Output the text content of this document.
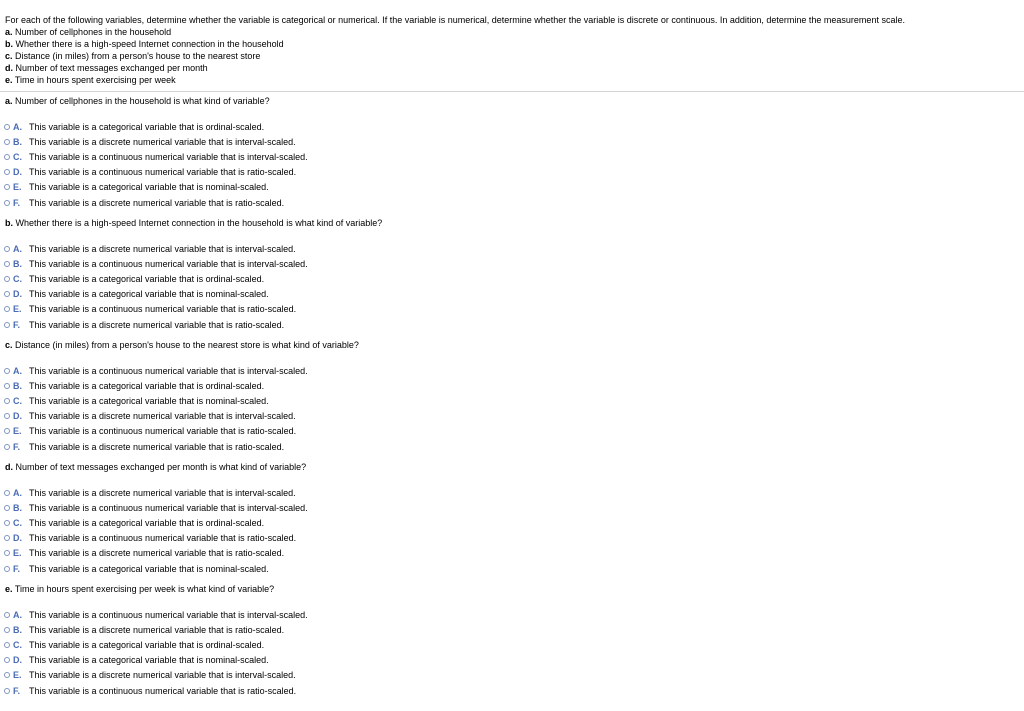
For each of the following variables, determine whether the variable is categorical or numerical. If the variable is numerical, determine whether the variable is discrete or continuous. In addition, determine the measurement scale.
a. Number of cellphones in the household
b. Whether there is a high-speed Internet connection in the household
c. Distance (in miles) from a person's house to the nearest store
d. Number of text messages exchanged per month
e. Time in hours spent exercising per week
a. Number of cellphones in the household is what kind of variable?
A. This variable is a categorical variable that is ordinal-scaled.
B. This variable is a discrete numerical variable that is interval-scaled.
C. This variable is a continuous numerical variable that is interval-scaled.
D. This variable is a continuous numerical variable that is ratio-scaled.
E. This variable is a categorical variable that is nominal-scaled.
F. This variable is a discrete numerical variable that is ratio-scaled.
b. Whether there is a high-speed Internet connection in the household is what kind of variable?
A. This variable is a discrete numerical variable that is interval-scaled.
B. This variable is a continuous numerical variable that is interval-scaled.
C. This variable is a categorical variable that is ordinal-scaled.
D. This variable is a categorical variable that is nominal-scaled.
E. This variable is a continuous numerical variable that is ratio-scaled.
F. This variable is a discrete numerical variable that is ratio-scaled.
c. Distance (in miles) from a person's house to the nearest store is what kind of variable?
A. This variable is a continuous numerical variable that is interval-scaled.
B. This variable is a categorical variable that is ordinal-scaled.
C. This variable is a categorical variable that is nominal-scaled.
D. This variable is a discrete numerical variable that is interval-scaled.
E. This variable is a continuous numerical variable that is ratio-scaled.
F. This variable is a discrete numerical variable that is ratio-scaled.
d. Number of text messages exchanged per month is what kind of variable?
A. This variable is a discrete numerical variable that is interval-scaled.
B. This variable is a continuous numerical variable that is interval-scaled.
C. This variable is a categorical variable that is ordinal-scaled.
D. This variable is a continuous numerical variable that is ratio-scaled.
E. This variable is a discrete numerical variable that is ratio-scaled.
F. This variable is a categorical variable that is nominal-scaled.
e. Time in hours spent exercising per week is what kind of variable?
A. This variable is a continuous numerical variable that is interval-scaled.
B. This variable is a discrete numerical variable that is ratio-scaled.
C. This variable is a categorical variable that is ordinal-scaled.
D. This variable is a categorical variable that is nominal-scaled.
E. This variable is a discrete numerical variable that is interval-scaled.
F. This variable is a continuous numerical variable that is ratio-scaled.
